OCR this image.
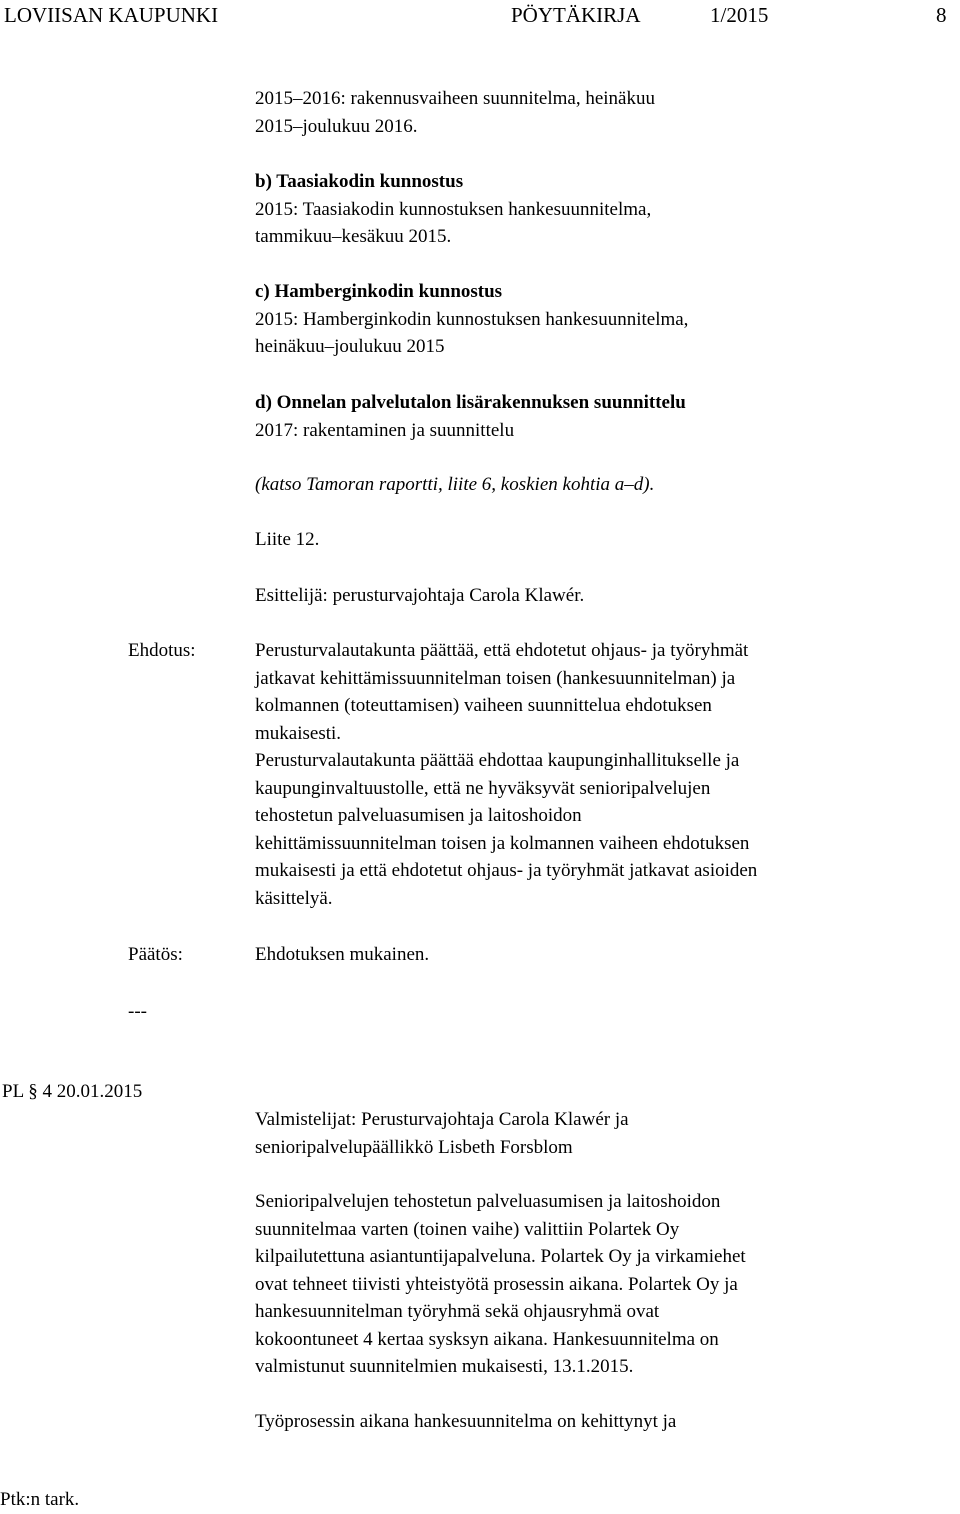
LOVIISAN KAUPUNKI	PÖYTÄKIRJA	1/2015	8

2015–2016: rakennusvaiheen suunnitelma, heinäkuu

2015–joulukuu 2016.

b) Taasiakodin kunnostus

2015: Taasiakodin kunnostuksen hankesuunnitelma,

tammikuu–kesäkuu 2015.

c) Hamberginkodin kunnostus

2015: Hamberginkodin kunnostuksen hankesuunnitelma,

heinäkuu–joulukuu 2015

d) Onnelan palvelutalon lisärakennuksen suunnittelu

2017: rakentaminen ja suunnittelu

(katso Tamoran raportti, liite 6, koskien kohtia a–d).
Liite 12.
Esittelijä: perusturvajohtaja Carola Klawér.
Ehdotus:	Perusturvalautakunta päättää, että ehdotetut ohjaus- ja työryhmät

jatkavat kehittämissuunnitelman toisen (hankesuunnitelman) ja

kolmannen (toteuttamisen) vaiheen suunnittelua ehdotuksen

mukaisesti.

Perusturvalautakunta päättää ehdottaa kaupunginhallitukselle ja

kaupunginvaltuustolle, että ne hyväksyvät senioripalvelujen

tehostetun palveluasumisen ja laitoshoidon

kehittämissuunnitelman toisen ja kolmannen vaiheen ehdotuksen

mukaisesti ja että ehdotetut ohjaus- ja työryhmät jatkavat asioiden

käsittelyä.

Päätös:	Ehdotuksen mukainen.
---
PL § 4 20.01.2015

Valmistelijat: Perusturvajohtaja Carola Klawér ja

senioripalvelupäällikkö Lisbeth Forsblom

Senioripalvelujen tehostetun palveluasumisen ja laitoshoidon

suunnitelmaa varten (toinen vaihe) valittiin Polartek Oy

kilpailutettuna asiantuntijapalveluna. Polartek Oy ja virkamiehet

ovat tehneet tiivisti yhteistyötä prosessin aikana. Polartek Oy ja

hankesuunnitelman työryhmä sekä ohjausryhmä ovat

kokoontuneet 4 kertaa sysksyn aikana. Hankesuunnitelma on

valmistunut suunnitelmien mukaisesti, 13.1.2015.

Työprosessin aikana hankesuunnitelma on kehittynyt ja
Ptk:n tark.
